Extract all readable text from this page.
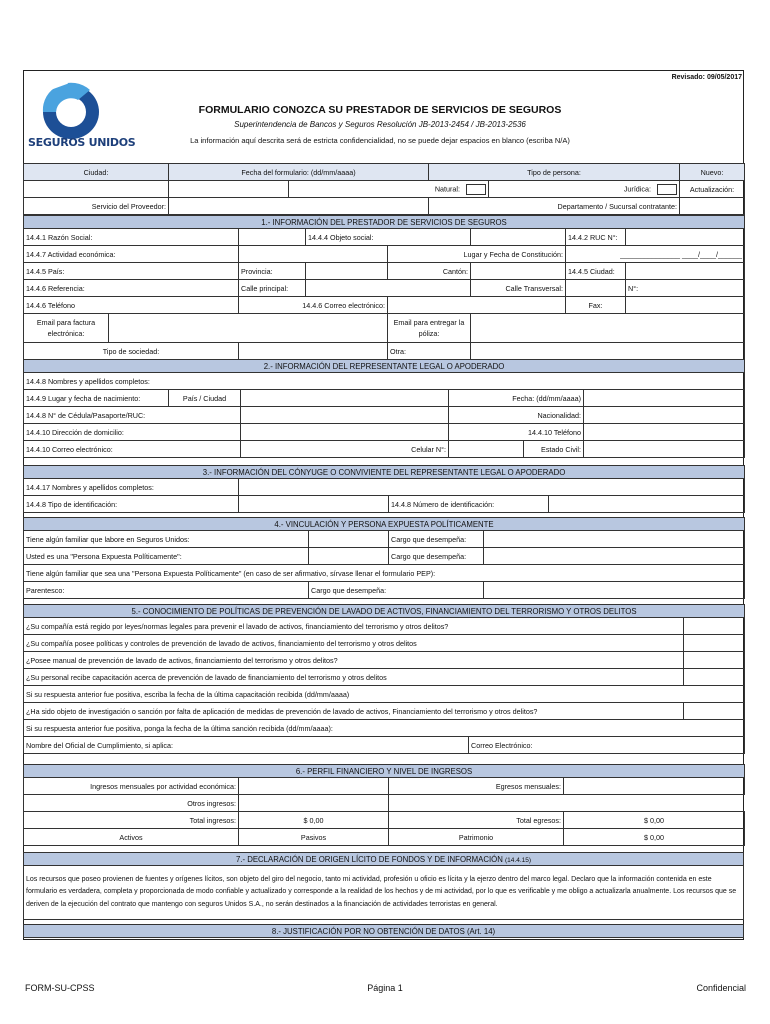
Revisado: 09/05/2017
SEGUROS UNIDOS
FORMULARIO CONOZCA SU PRESTADOR DE SERVICIOS DE SEGUROS
Superintendencia de Bancos y Seguros Resolución JB-2013-2454 / JB-2013-2536
La información aquí descrita será de estricta confidencialidad, no se puede dejar espacios en blanco (escriba N/A)
Ciudad:	Fecha del formulario: (dd/mm/aaaa)		Tipo de persona:		Nuevo:
		Natural:		Jurídica:	Actualización:
Servicio del Proveedor:			Departamento / Sucursal contratante:		
1.- INFORMACIÓN DEL PRESTADOR DE SERVICIOS DE SEGUROS							
14.4.1 Razón Social:			14.4.4 Objeto social:			14.4.2 RUC N°:	
14.4.7 Actividad económica:				Lugar y Fecha de Constitución:		_______________ ____/____/______	
14.4.5 País:		Provincia:		Cantón:		14.4.5 Ciudad:	
14.4.6 Referencia:		Calle principal:			Calle Transversal:		N°:
14.4.6 Teléfono		14.4.6 Correo electrónico:				Fax:	
Email para factura electrónica:				Email para entregar la póliza:			
Tipo de sociedad:				Otra:			
2.- INFORMACIÓN DEL REPRESENTANTE LEGAL O APODERADO					
14.4.8 Nombres y apellidos completos:					
14.4.9 Lugar y fecha de nacimiento:	País / Ciudad		Fecha: (dd/mm/aaaa)		
14.4.8 N° de Cédula/Pasaporte/RUC:			Nacionalidad:		
14.4.10 Dirección de domicilio:			14.4.10 Teléfono		
14.4.10 Correo electrónico:		Celular N°:		Estado Civil:	
3.- INFORMACIÓN DEL CÓNYUGE O CONVIVIENTE DEL REPRESENTANTE LEGAL O APODERADO			
14.4.17 Nombres y apellidos completos:			
14.4.8 Tipo de identificación:		14.4.8 Número de identificación:	
4.- VINCULACIÓN Y PERSONA EXPUESTA POLÍTICAMENTE			
Tiene algún familiar que labore en Seguros Unidos:		Cargo que desempeña:	
Usted es una "Persona Expuesta Políticamente":		Cargo que desempeña:	
Tiene algún familiar que sea una "Persona Expuesta Políticamente" (en caso de ser afirmativo, sírvase llenar el formulario PEP):			
Parentesco:	Cargo que desempeña:		
5.- CONOCIMIENTO DE POLÍTICAS DE PREVENCIÓN DE LAVADO DE ACTIVOS, FINANCIAMIENTO DEL TERRORISMO Y OTROS DELITOS		
¿Su compañía está regido por leyes/normas legales para prevenir el lavado de activos, financiamiento del terrorismo y otros delitos?		
¿Su compañía posee políticas y controles de prevención de lavado de activos, financiamiento del terrorismo y otros delitos		
¿Posee manual de prevención de lavado de activos, financiamiento del terrorismo y otros delitos?		
¿Su personal recibe capacitación acerca de prevención de lavado de financiamiento del terrorismo y otros delitos		
Si su respuesta anterior fue positiva, escriba la fecha de la última capacitación recibida (dd/mm/aaaa)		
¿Ha sido objeto de investigación o sanción por falta de aplicación de medidas de prevención de lavado de activos, Financiamiento del terrorismo y otros delitos?		
Si su respuesta anterior fue positiva, ponga la fecha de la última sanción recibida (dd/mm/aaaa):		
Nombre del Oficial de Cumplimiento, si aplica:	Correo Electrónico:	
6.- PERFIL FINANCIERO Y NIVEL DE INGRESOS			
Ingresos mensuales por actividad económica:		Egresos mensuales:	
Otros ingresos:			
Total ingresos:	$ 0,00	Total egresos:	$ 0,00
Activos	Pasivos	Patrimonio	$ 0,00
7.- DECLARACIÓN DE ORIGEN LÍCITO DE FONDOS Y DE INFORMACIÓN (14.4.15)
Los recursos que poseo provienen de fuentes y orígenes lícitos, son objeto del giro del negocio, tanto mi actividad, profesión u oficio es lícita y la ejerzo dentro del marco legal. Declaro que la información contenida en este formulario es verdadera, completa y proporcionada de modo confiable y actualizado y corresponde a la realidad de los hechos y de mi actividad, por lo que es verificable y me obligo a actualizarla anualmente. Los recursos que se deriven de la ejecución del contrato que mantengo con seguros Unidos S.A., no serán destinados a la financiación de actividades terroristas en general.
8.- JUSTIFICACIÓN POR NO OBTENCIÓN DE DATOS (Art. 14)
FORM-SU-CPSS	Página 1	Confidencial
